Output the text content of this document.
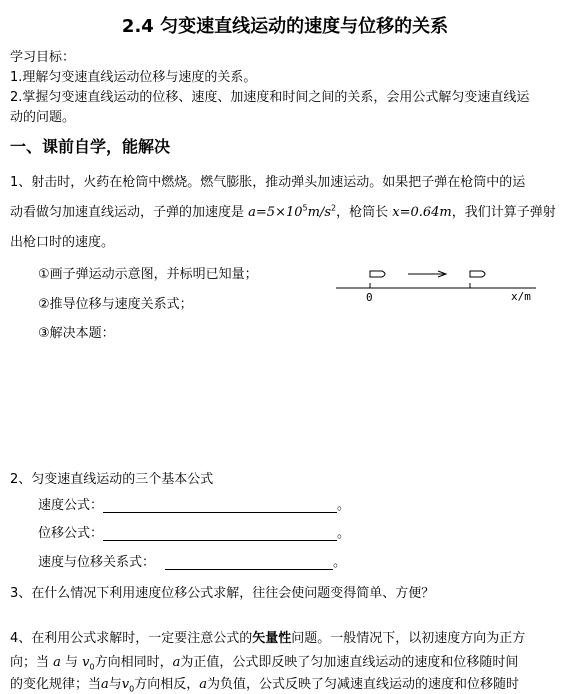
2.4 匀变速直线运动的速度与位移的关系
学习目标：
1.理解匀变速直线运动位移与速度的关系。
2.掌握匀变速直线运动的位移、速度、加速度和时间之间的关系，会用公式解匀变速直线运
动的问题。
一、课前自学，能解决
1、射击时，火药在枪筒中燃烧。燃气膨胀，推动弹头加速运动。如果把子弹在枪筒中的运
动看做匀加速直线运动，子弹的加速度是 $a=5\times 10^5m/s^2$，枪筒长 x=0.64m，我们计算子弹射
出枪口时的速度。
①画子弹运动示意图，并标明已知量；
②推导位移与速度关系式；
③解决本题：
0	x/m
2、匀变速直线运动的三个基本公式
速度公式：	。
位移公式：	。
速度与位移关系式：	。
3、在什么情况下利用速度位移公式求解，往往会使问题变得简单、方便？
4、在利用公式求解时，一定要注意公式的矢量性问题。一般情况下，以初速度方向为正方
向；当 a 与 $v_0$方向相同时，a为正值，公式即反映了匀加速直线运动的速度和位移随时间
的变化规律；当a与$v_0$方向相反，a为负值，公式反映了匀减速直线运动的速度和位移随时
